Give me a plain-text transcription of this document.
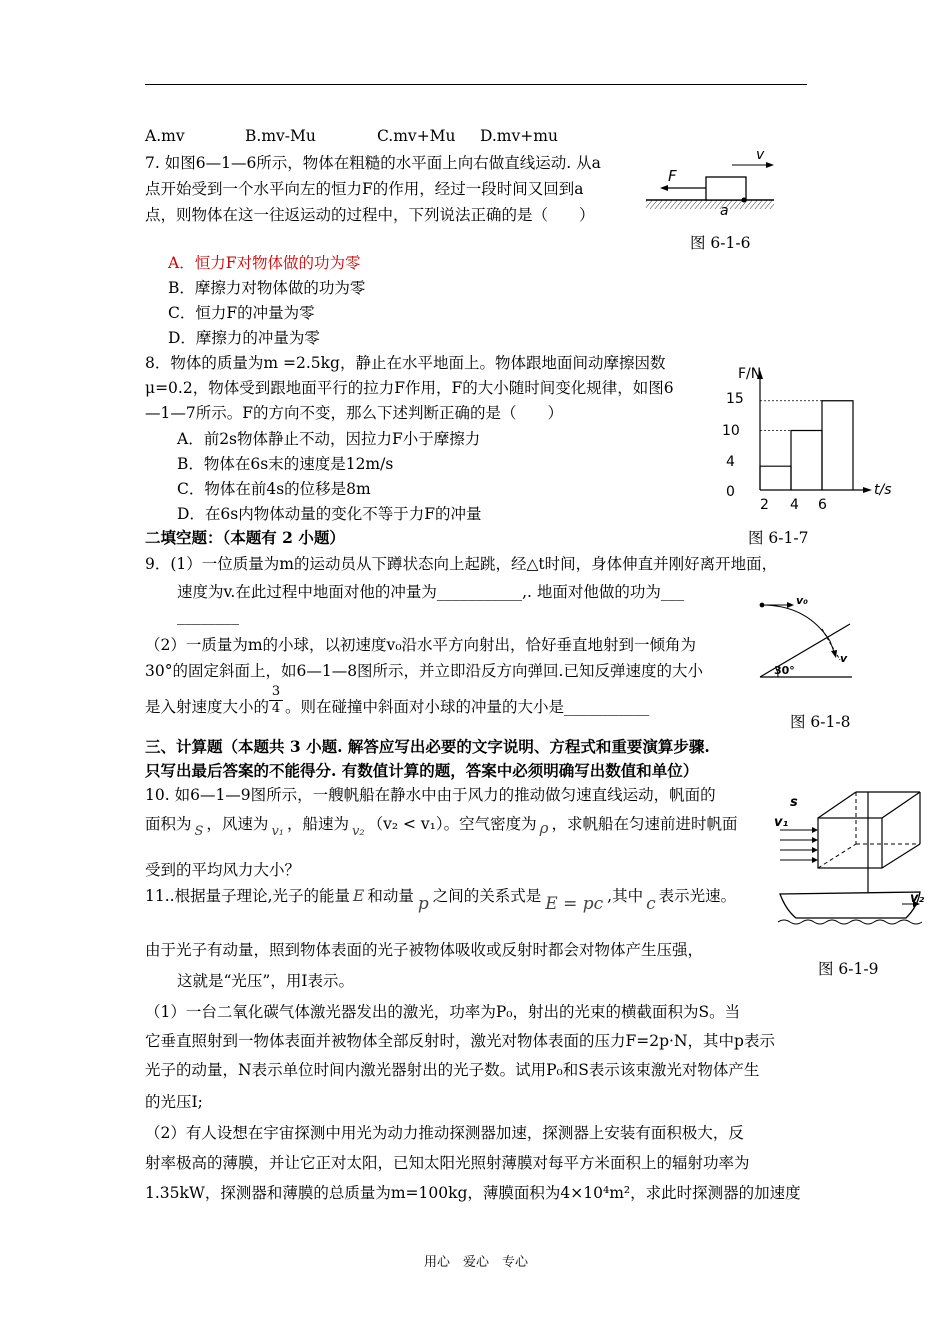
A.mv	B.mv-Mu	C.mv+Mu D.mv+mu
7. 如图6—1—6所示，物体在粗糙的水平面上向右做直线运动. 从a
点开始受到一个水平向左的恒力F的作用，经过一段时间又回到a
点，则物体在这一往返运动的过程中，下列说法正确的是（　　）
A．恒力F对物体做的功为零
B．摩擦力对物体做的功为零
C．恒力F的冲量为零
D．摩擦力的冲量为零
F
v
a
图 6-1-6
8．物体的质量为m =2.5kg，静止在水平地面上。物体跟地面间动摩擦因数
μ=0.2，物体受到跟地面平行的拉力F作用，F的大小随时间变化规律，如图6
—1—7所示。F的方向不变，那么下述判断正确的是（　　）
A．前2s物体静止不动，因拉力F小于摩擦力
B．物体在6s末的速度是12m/s
C．物体在前4s的位移是8m
D．在6s内物体动量的变化不等于力F的冲量
F/N
t/s
15
10
4
0
2 4 6
图 6-1-7
二填空题：（本题有 2 小题）
9．(1）一位质量为m的运动员从下蹲状态向上起跳，经△t时间，身体伸直并刚好离开地面，
速度为v.在此过程中地面对他的冲量为___________,. 地面对他做的功为___
________
（2）一质量为m的小球，以初速度v₀沿水平方向射出，恰好垂直地射到一倾角为
30°的固定斜面上，如6—1—8图所示，并立即沿反方向弹回.已知反弹速度的大小
是入射速度大小的 $\frac{3}{4}$ 。则在碰撞中斜面对小球的冲量的大小是___________
v₀
v
30°
图 6-1-8
三、计算题（本题共 3 小题. 解答应写出必要的文字说明、方程式和重要演算步骤.
只写出最后答案的不能得分. 有数值计算的题，答案中必须明确写出数值和单位）
10. 如6—1—9图所示，一艘帆船在静水中由于风力的推动做匀速直线运动，帆面的
面积为 $_S$ ，风速为 $_{v_1}$ ，船速为 $_{v_2}$ （v₂ < v₁）。空气密度为 ρ ，求帆船在匀速前进时帆面
受到的平均风力大小？
s
v₁
v₂
图 6-1-9
11..根据量子理论,光子的能量 E 和动量 p 之间的关系式是 E = pc ,其中 c 表示光速。
由于光子有动量，照到物体表面的光子被物体吸收或反射时都会对物体产生压强，
这就是“光压”，用I表示。
（1）一台二氧化碳气体激光器发出的激光，功率为P₀，射出的光束的横截面积为S。当
它垂直照射到一物体表面并被物体全部反射时，激光对物体表面的压力F=2p·N，其中p表示
光子的动量，N表示单位时间内激光器射出的光子数。试用P₀和S表示该束激光对物体产生
的光压I;
（2）有人设想在宇宙探测中用光为动力推动探测器加速，探测器上安装有面积极大，反
射率极高的薄膜，并让它正对太阳，已知太阳光照射薄膜对每平方米面积上的辐射功率为
1.35kW，探测器和薄膜的总质量为m=100kg，薄膜面积为4×10⁴m²，求此时探测器的加速度
用心　爱心　专心
